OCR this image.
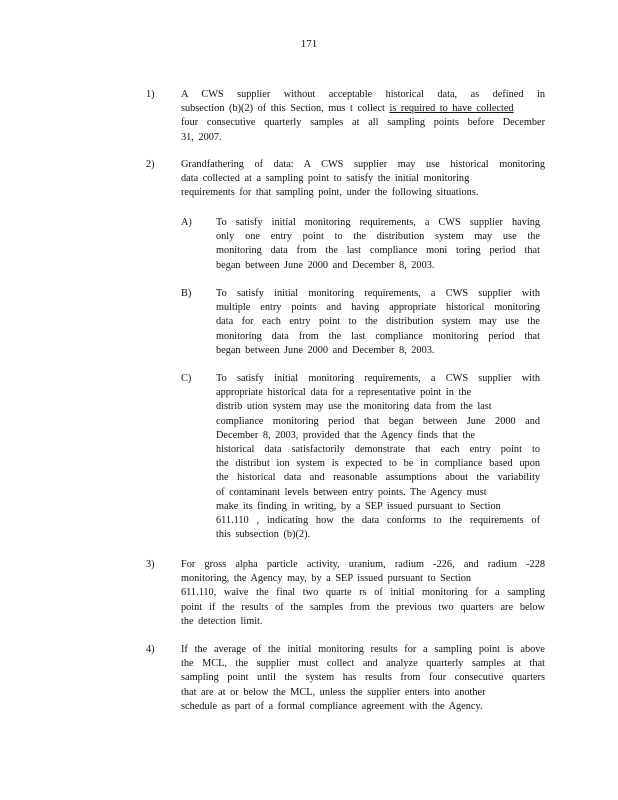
171
1)	A CWS supplier without acceptable historical data, as defined in
subsection (b)(2) of this Section, mus t collect is required to have collected
four consecutive quarterly samples at all sampling points before December
31, 2007.
2)	Grandfathering of data: A CWS supplier may use historical monitoring
data collected at a sampling point to satisfy the initial monitoring
requirements for that sampling point, under the following situations.
A) To satisfy initial monitoring requirements, a CWS supplier having
only one entry point to the distribution system may use the
monitoring data from the last compliance moni toring period that
began between June 2000 and December 8, 2003.
B) To satisfy initial monitoring requirements, a CWS supplier with
multiple entry points and having appropriate historical monitoring
data for each entry point to the distribution system may use the
monitoring data from the last compliance monitoring period that
began between June 2000 and December 8, 2003.
C) To satisfy initial monitoring requirements, a CWS supplier with
appropriate historical data for a representative point in the
distrib ution system may use the monitoring data from the last
compliance monitoring period that began between June 2000 and
December 8, 2003, provided that the Agency finds that the
historical data satisfactorily demonstrate that each entry point to
the distribut ion system is expected to be in compliance based upon
the historical data and reasonable assumptions about the variability
of contaminant levels between entry points. The Agency must
make its finding in writing, by a SEP issued pursuant to Section
611.110 , indicating how the data conforms to the requirements of
this subsection (b)(2).
3)	For gross alpha particle activity, uranium, radium -226, and radium -228
monitoring, the Agency may, by a SEP issued pursuant to Section
611.110, waive the final two quarte rs of initial monitoring for a sampling
point if the results of the samples from the previous two quarters are below
the detection limit.
4)	If the average of the initial monitoring results for a sampling point is above
the MCL, the supplier must collect and analyze quarterly samples at that
sampling point until the system has results from four consecutive quarters
that are at or below the MCL, unless the supplier enters into another
schedule as part of a formal compliance agreement with the Agency.
